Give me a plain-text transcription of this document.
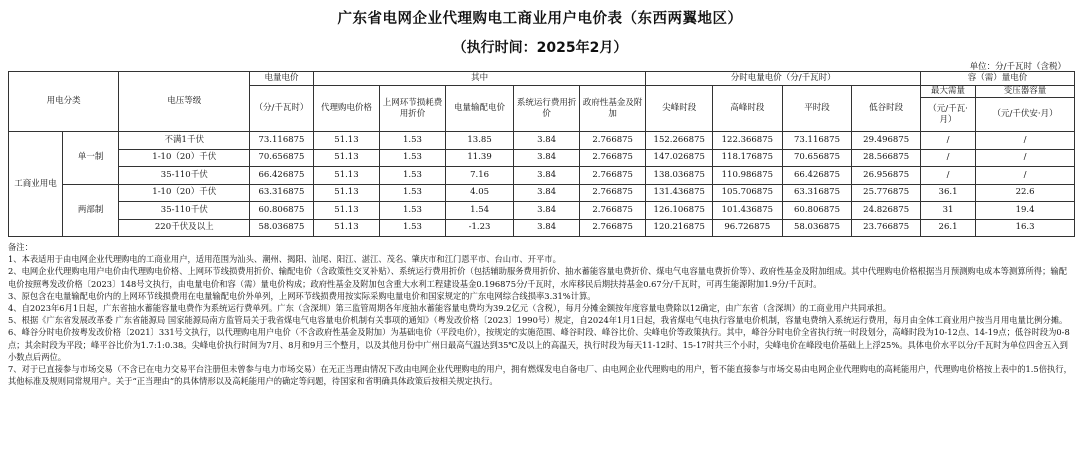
广东省电网企业代理购电工商业用户电价表（东西两翼地区）
（执行时间：2025年2月）
单位：分/千瓦时（含税）
用电分类		电压等级	电量电价	其中					分时电量电价（分/千瓦时）				容（需）量电价	
			（分/千瓦时）	代理购电价格	上网环节损耗费用折价	电量输配电价	系统运行费用折价	政府性基金及附加	尖峰时段	高峰时段	平时段	低谷时段	最大需量	变压器容量
													（元/千瓦·月）	（元/千伏安·月）
工商业用电	单一制	不满1千伏	73.116875	51.13	1.53	13.85	3.84	2.766875	152.266875	122.366875	73.116875	29.496875	/	/
		1-10（20）千伏	70.656875	51.13	1.53	11.39	3.84	2.766875	147.026875	118.176875	70.656875	28.566875	/	/
		35-110千伏	66.426875	51.13	1.53	7.16	3.84	2.766875	138.036875	110.986875	66.426875	26.956875	/	/
	两部制	1-10（20）千伏	63.316875	51.13	1.53	4.05	3.84	2.766875	131.436875	105.706875	63.316875	25.776875	36.1	22.6
		35-110千伏	60.806875	51.13	1.53	1.54	3.84	2.766875	126.106875	101.436875	60.806875	24.826875	31	19.4
		220千伏及以上	58.036875	51.13	1.53	-1.23	3.84	2.766875	120.216875	96.726875	58.036875	23.766875	26.1	16.3

备注：

1、本表适用于由电网企业代理购电的工商业用户，适用范围为汕头、潮州、揭阳、汕尾、阳江、湛江、茂名、肇庆市和江门恩平市、台山市、开平市。

2、电网企业代理购电用户电价由代理购电价格、上网环节线损费用折价、输配电价（含政策性交叉补贴）、系统运行费用折价（包括辅助服务费用折价、抽水蓄能容量电费折价、煤电气电容量电费折价等）、政府性基金及附加组成。其中代理购电价格根据当月预测购电成本等测算所得；输配电价按照粤发改价格〔2023〕148号文执行，由电量电价和容（需）量电价构成；政府性基金及附加包含重大水利工程建设基金0.196875分/千瓦时，水库移民后期扶持基金0.67分/千瓦时，可再生能源附加1.9分/千瓦时。

3、原包含在电量输配电价内的上网环节线损费用在电量输配电价外单列，上网环节线损费用按实际采购电量电价和国家规定的广东电网综合线损率3.31%计算。

4、自2023年6月1日起，广东省抽水蓄能容量电费作为系统运行费单列。广东（含深圳）第三监管周期各年度抽水蓄能容量电费均为39.2亿元（含税），每月分摊金额按年度容量电费除以12确定，由广东省（含深圳）的工商业用户共同承担。

5、根据《广东省发展改革委 广东省能源局 国家能源局南方监管局关于我省煤电气电容量电价机制有关事项的通知》（粤发改价格〔2023〕1990号）规定，自2024年1月1日起，我省煤电气电执行容量电价机制，容量电费纳入系统运行费用，每月由全体工商业用户按当月用电量比例分摊。

6、峰谷分时电价按粤发改价格〔2021〕331号文执行，以代理购电用户电价（不含政府性基金及附加）为基础电价（平段电价），按规定的实施范围、峰谷时段、峰谷比价、尖峰电价等政策执行。其中，峰谷分时电价全省执行统一时段划分，高峰时段为10-12点、14-19点；低谷时段为0-8点；其余时段为平段；峰平谷比价为1.7:1:0.38。尖峰电价执行时间为7月、8月和9月三个整月，以及其他月份中广州日最高气温达到35℃及以上的高温天，执行时段为每天11-12时、15-17时共三个小时，尖峰电价在峰段电价基础上上浮25%。具体电价水平以分/千瓦时为单位四舍五入到小数点后两位。

7、对于已直接参与市场交易（不含已在电力交易平台注册但未曾参与电力市场交易）在无正当理由情况下改由电网企业代理购电的用户，拥有燃煤发电自备电厂、由电网企业代理购电的用户，暂不能直接参与市场交易由电网企业代理购电的高耗能用户，代理购电价格按上表中的1.5倍执行，其他标准及规则同常规用户。关于“正当理由”的具体情形以及高耗能用户的确定等问题，待国家和省明确具体政策后按相关规定执行。
